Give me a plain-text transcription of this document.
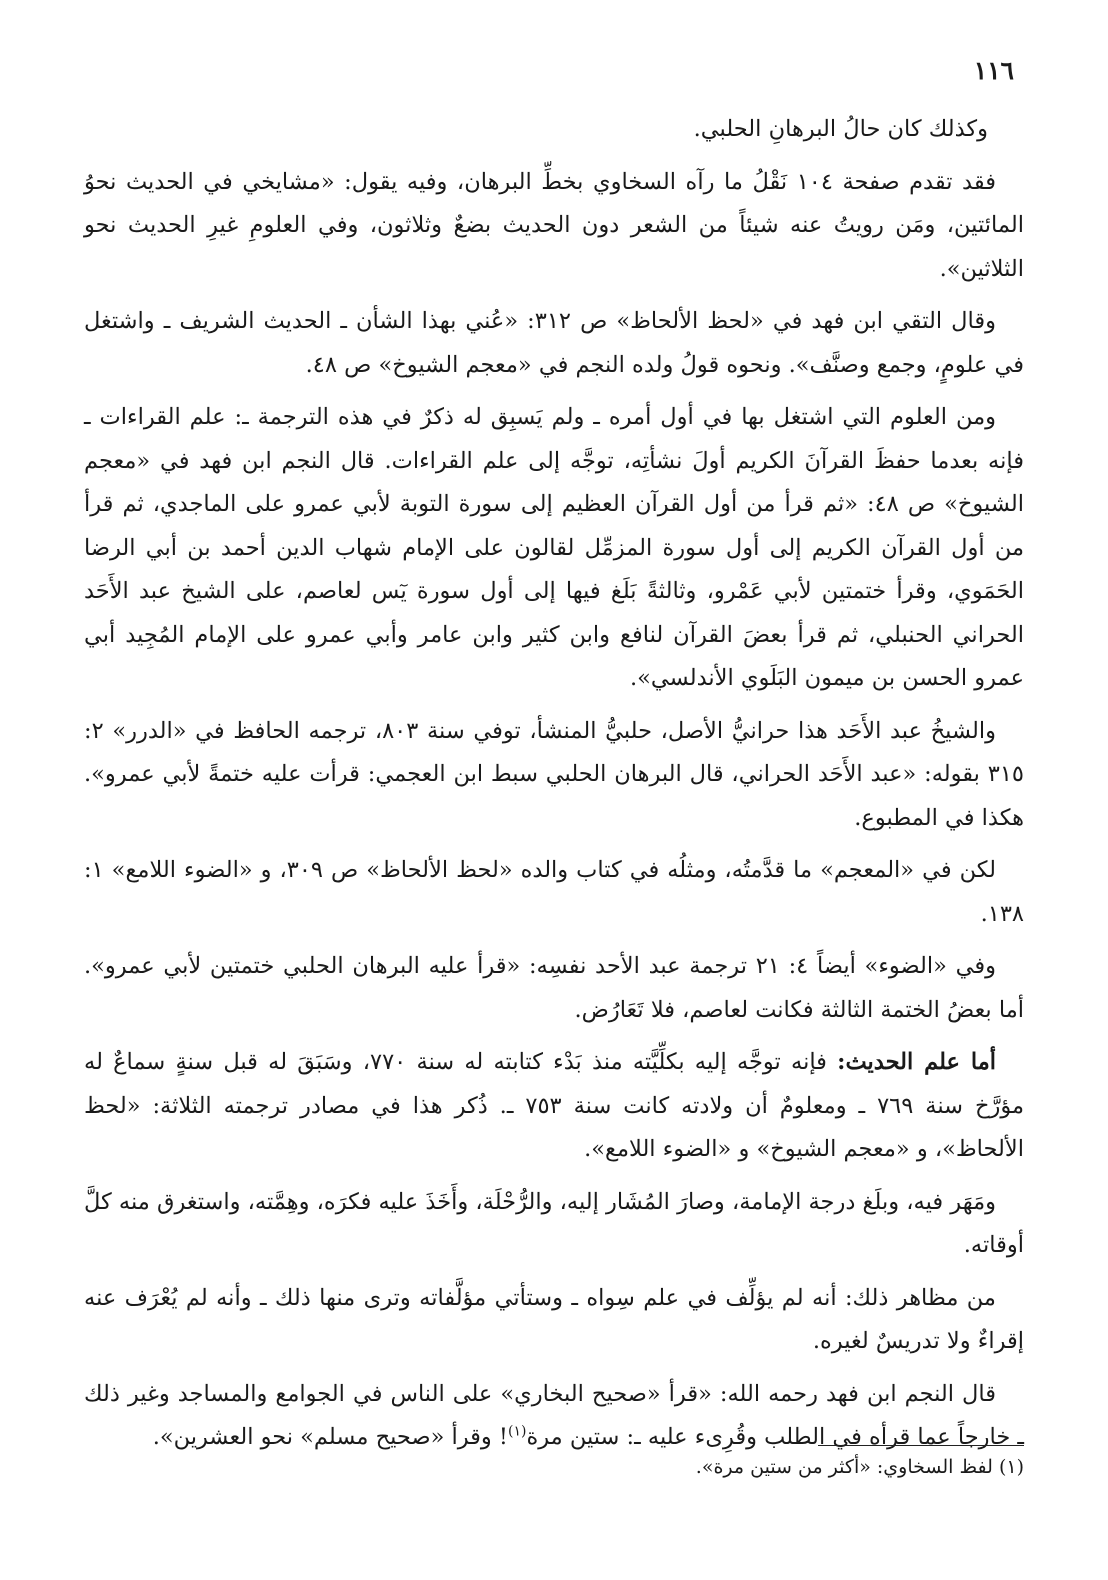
١١٦

وكذلك كان حالُ البرهانِ الحلبي.

فقد تقدم صفحة ١٠٤ نَقْلُ ما رآه السخاوي بخطِّ البرهان، وفيه يقول: «مشايخي في الحديث نحوُ المائتين، ومَن رويتُ عنه شيئاً من الشعر دون الحديث بضعٌ وثلاثون، وفي العلومِ غيرِ الحديث نحو الثلاثين».

وقال التقي ابن فهد في «لحظ الألحاظ» ص ٣١٢: «عُني بهذا الشأن ـ الحديث الشريف ـ واشتغل في علومٍ، وجمع وصنَّف». ونحوه قولُ ولده النجم في «معجم الشيوخ» ص ٤٨.

ومن العلوم التي اشتغل بها في أول أمره ـ ولم يَسبِق له ذكرٌ في هذه الترجمة ـ: علم القراءات ـ فإنه بعدما حفظَ القرآنَ الكريم أولَ نشأتِه، توجَّه إلى علم القراءات. قال النجم ابن فهد في «معجم الشيوخ» ص ٤٨: «ثم قرأ من أول القرآن العظيم إلى سورة التوبة لأبي عمرو على الماجدي، ثم قرأ من أول القرآن الكريم إلى أول سورة المزمِّل لقالون على الإمام شهاب الدين أحمد بن أبي الرضا الحَمَوي، وقرأ ختمتين لأبي عَمْرو، وثالثةً بَلَغ فيها إلى أول سورة يٓس لعاصم، على الشيخ عبد الأَحَد الحراني الحنبلي، ثم قرأ بعضَ القرآن لنافع وابن كثير وابن عامر وأبي عمرو على الإمام المُجِيد أبي عمرو الحسن بن ميمون البَلَوي الأندلسي».

والشيخُ عبد الأَحَد هذا حرانيُّ الأصل، حلبيُّ المنشأ، توفي سنة ٨٠٣، ترجمه الحافظ في «الدرر» ٢: ٣١٥ بقوله: «عبد الأَحَد الحراني، قال البرهان الحلبي سبط ابن العجمي: قرأت عليه ختمةً لأبي عمرو». هكذا في المطبوع.

لكن في «المعجم» ما قدَّمتُه، ومثلُه في كتاب والده «لحظ الألحاظ» ص ٣٠٩، و «الضوء اللامع» ١: ١٣٨.

وفي «الضوء» أيضاً ٤: ٢١ ترجمة عبد الأحد نفسِه: «قرأ عليه البرهان الحلبي ختمتين لأبي عمرو». أما بعضُ الختمة الثالثة فكانت لعاصم، فلا تَعَارُض.

أما علم الحديث: فإنه توجَّه إليه بكلِّيَّته منذ بَدْء كتابته له سنة ٧٧٠، وسَبَقَ له قبل سنةٍ سماعٌ له مؤرَّخ سنة ٧٦٩ ـ ومعلومٌ أن ولادته كانت سنة ٧٥٣ ـ. ذُكر هذا في مصادر ترجمته الثلاثة: «لحظ الألحاظ»، و «معجم الشيوخ» و «الضوء اللامع».

ومَهَر فيه، وبلَغ درجة الإمامة، وصارَ المُشَار إليه، والرُّحْلَة، وأَخَذَ عليه فكرَه، وهِمَّته، واستغرق منه كلَّ أوقاته.

من مظاهر ذلك: أنه لم يؤلِّف في علم سِواه ـ وستأتي مؤلَّفاته وترى منها ذلك ـ وأنه لم يُعْرَف عنه إقراءٌ ولا تدريسٌ لغيره.

قال النجم ابن فهد رحمه الله: «قرأ «صحيح البخاري» على الناس في الجوامع والمساجد وغير ذلك ـ خارجاً عما قرأه في الطلب وقُرِىء عليه ـ: ستين مرة$^{(١)}$! وقرأ «صحيح مسلم» نحو العشرين».

(١) لفظ السخاوي: «أكثر من ستين مرة».
